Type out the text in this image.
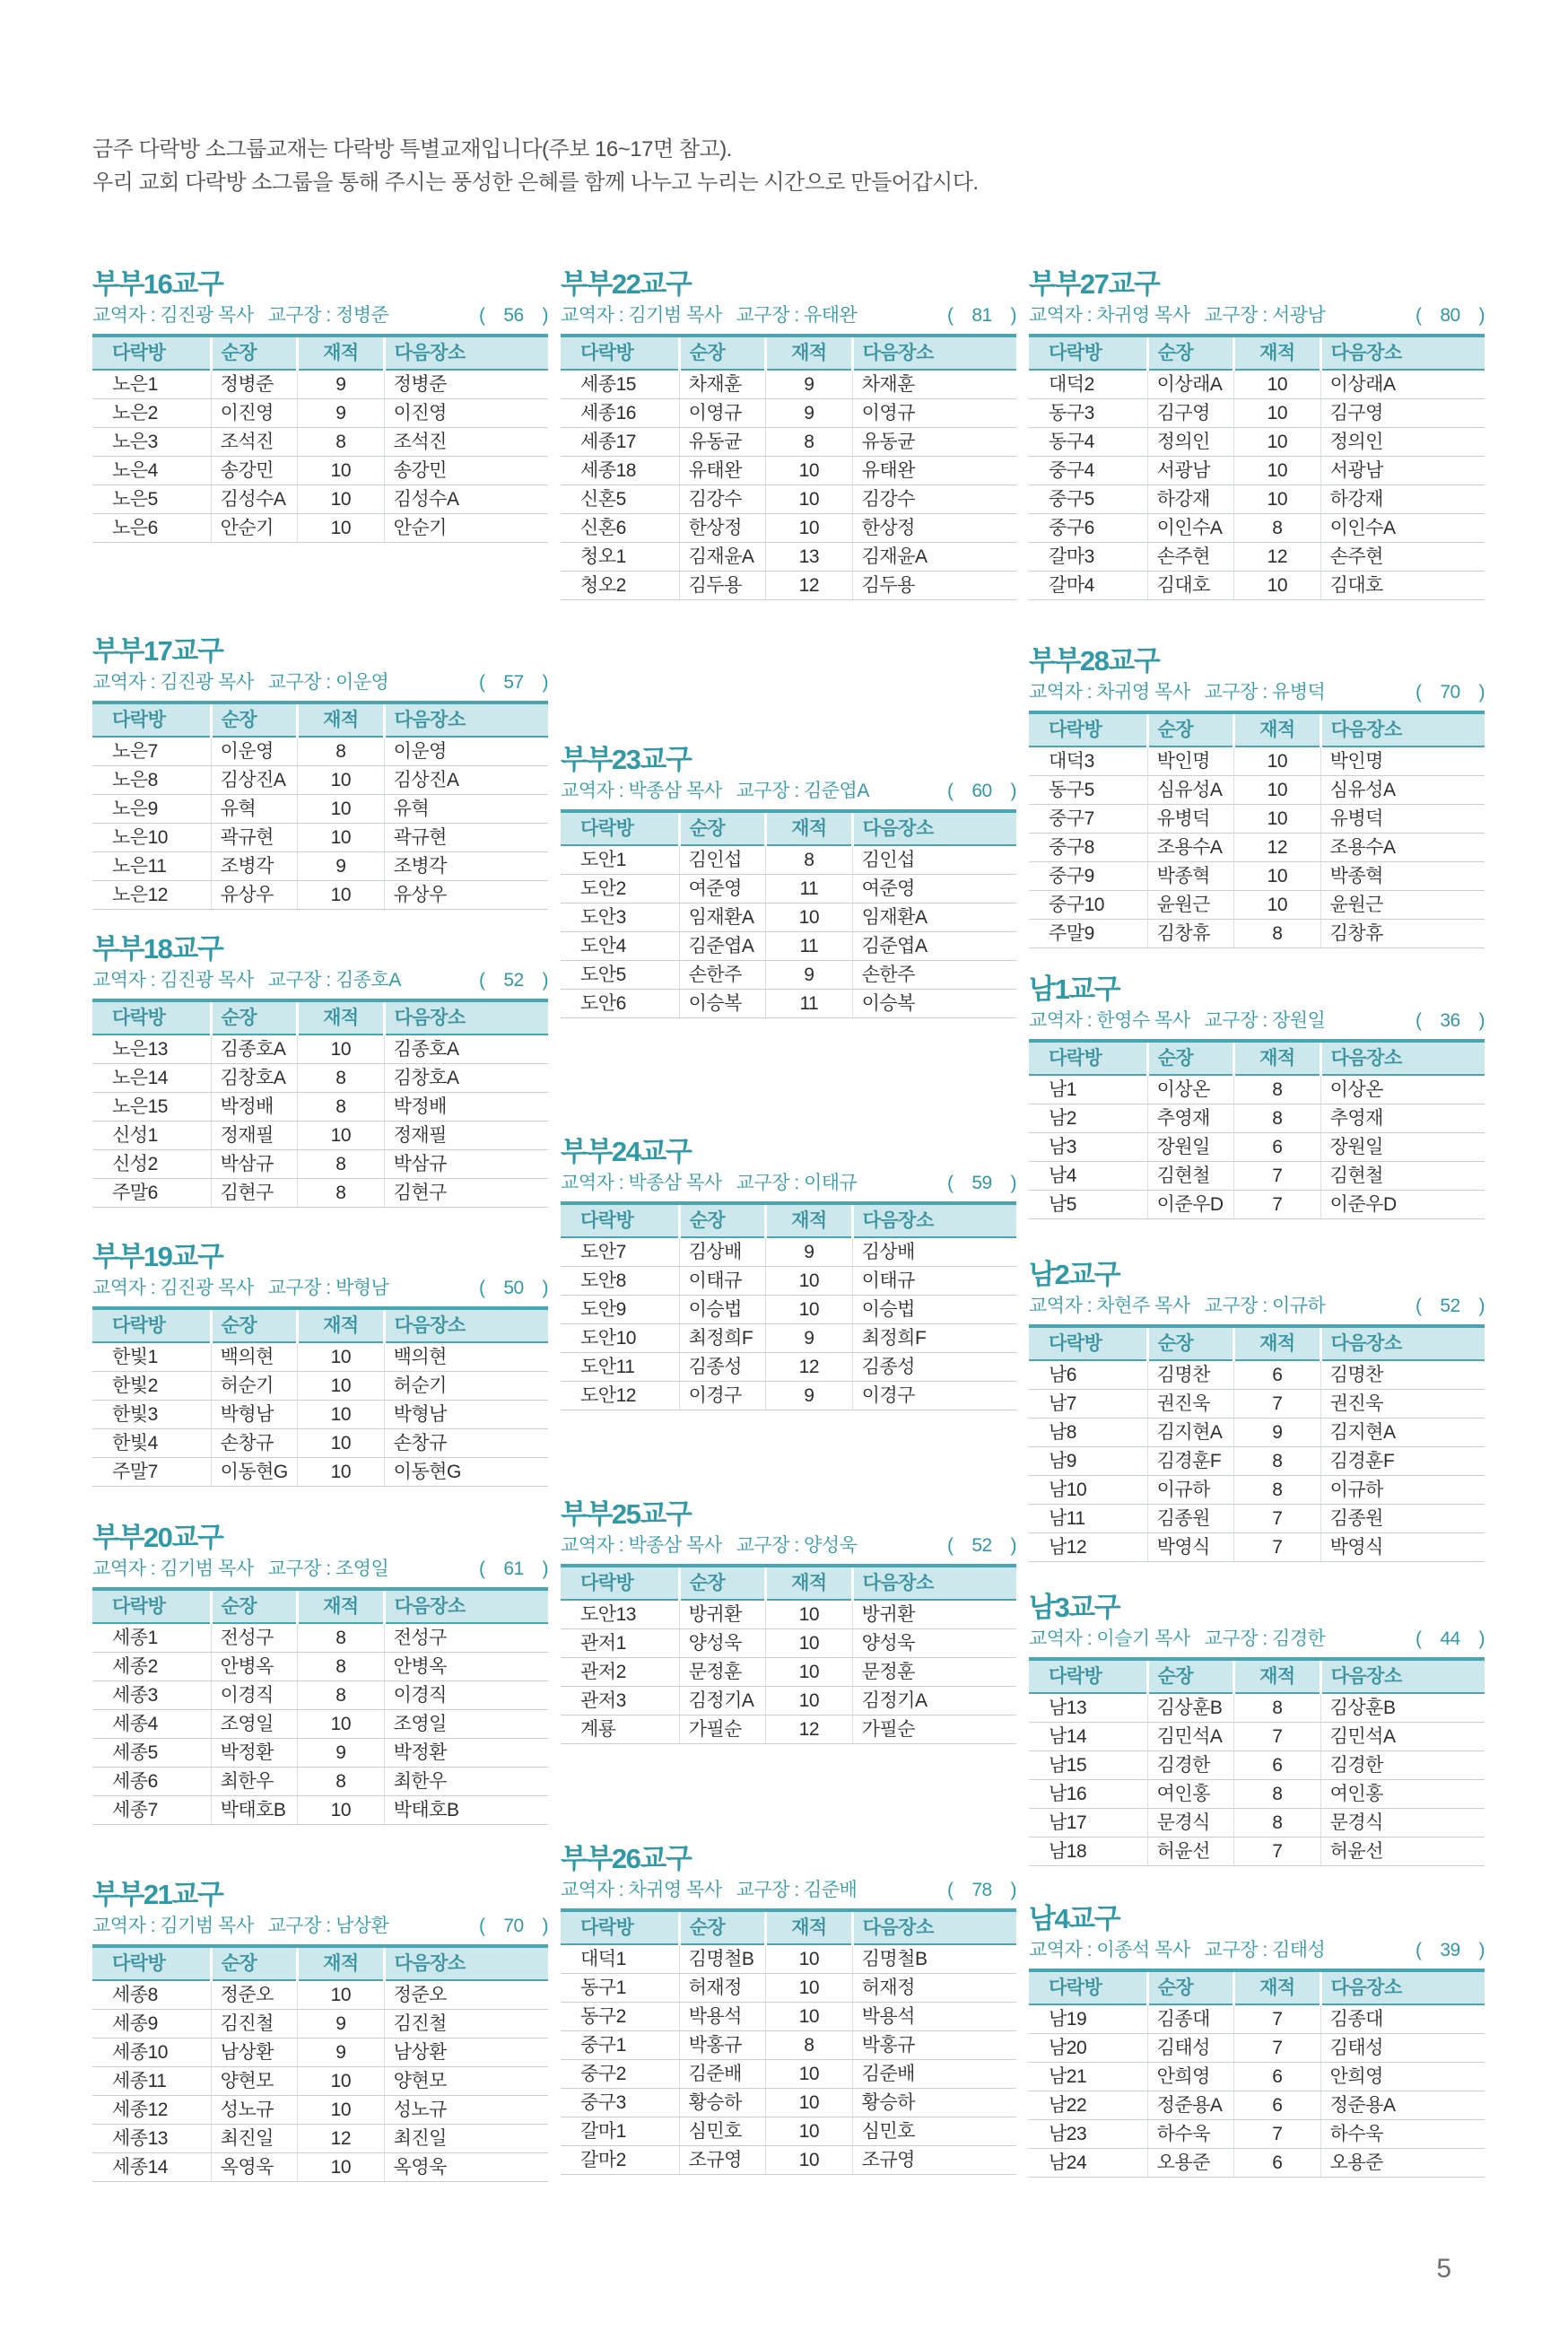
금주 다락방 소그룹교재는 다락방 특별교재입니다(주보 16~17면 참고).

우리 교회 다락방 소그룹을 통해 주시는 풍성한 은혜를 함께 나누고 누리는 시간으로 만들어갑시다.

부부16교구
교역자 : 김진광 목사   교구장 : 정병준	( 56 )
다락방	순장	재적	다음장소
노은1	정병준	9	정병준
노은2	이진영	9	이진영
노은3	조석진	8	조석진
노은4	송강민	10	송강민
노은5	김성수A	10	김성수A
노은6	안순기	10	안순기
부부17교구
교역자 : 김진광 목사   교구장 : 이운영	( 57 )
다락방	순장	재적	다음장소
노은7	이운영	8	이운영
노은8	김상진A	10	김상진A
노은9	유혁	10	유혁
노은10	곽규현	10	곽규현
노은11	조병각	9	조병각
노은12	유상우	10	유상우
부부18교구
교역자 : 김진광 목사   교구장 : 김종호A	( 52 )
다락방	순장	재적	다음장소
노은13	김종호A	10	김종호A
노은14	김창호A	8	김창호A
노은15	박정배	8	박정배
신성1	정재필	10	정재필
신성2	박삼규	8	박삼규
주말6	김현구	8	김현구
부부19교구
교역자 : 김진광 목사   교구장 : 박형남	( 50 )
다락방	순장	재적	다음장소
한빛1	백의현	10	백의현
한빛2	허순기	10	허순기
한빛3	박형남	10	박형남
한빛4	손창규	10	손창규
주말7	이동현G	10	이동현G
부부20교구
교역자 : 김기범 목사   교구장 : 조영일	( 61 )
다락방	순장	재적	다음장소
세종1	전성구	8	전성구
세종2	안병옥	8	안병옥
세종3	이경직	8	이경직
세종4	조영일	10	조영일
세종5	박정환	9	박정환
세종6	최한우	8	최한우
세종7	박태호B	10	박태호B
부부21교구
교역자 : 김기범 목사   교구장 : 남상환	( 70 )
다락방	순장	재적	다음장소
세종8	정준오	10	정준오
세종9	김진철	9	김진철
세종10	남상환	9	남상환
세종11	양현모	10	양현모
세종12	성노규	10	성노규
세종13	최진일	12	최진일
세종14	옥영욱	10	옥영욱
부부22교구
교역자 : 김기범 목사   교구장 : 유태완	( 81 )
다락방	순장	재적	다음장소
세종15	차재훈	9	차재훈
세종16	이영규	9	이영규
세종17	유동균	8	유동균
세종18	유태완	10	유태완
신혼5	김강수	10	김강수
신혼6	한상정	10	한상정
청오1	김재윤A	13	김재윤A
청오2	김두용	12	김두용
부부23교구
교역자 : 박종삼 목사   교구장 : 김준엽A	( 60 )
다락방	순장	재적	다음장소
도안1	김인섭	8	김인섭
도안2	여준영	11	여준영
도안3	임재환A	10	임재환A
도안4	김준엽A	11	김준엽A
도안5	손한주	9	손한주
도안6	이승복	11	이승복
부부24교구
교역자 : 박종삼 목사   교구장 : 이태규	( 59 )
다락방	순장	재적	다음장소
도안7	김상배	9	김상배
도안8	이태규	10	이태규
도안9	이승법	10	이승법
도안10	최정희F	9	최정희F
도안11	김종성	12	김종성
도안12	이경구	9	이경구
부부25교구
교역자 : 박종삼 목사   교구장 : 양성욱	( 52 )
다락방	순장	재적	다음장소
도안13	방귀환	10	방귀환
관저1	양성욱	10	양성욱
관저2	문정훈	10	문정훈
관저3	김정기A	10	김정기A
계룡	가필순	12	가필순
부부26교구
교역자 : 차귀영 목사   교구장 : 김준배	( 78 )
다락방	순장	재적	다음장소
대덕1	김명철B	10	김명철B
동구1	허재정	10	허재정
동구2	박용석	10	박용석
중구1	박홍규	8	박홍규
중구2	김준배	10	김준배
중구3	황승하	10	황승하
갈마1	심민호	10	심민호
갈마2	조규영	10	조규영
부부27교구
교역자 : 차귀영 목사   교구장 : 서광남	( 80 )
다락방	순장	재적	다음장소
대덕2	이상래A	10	이상래A
동구3	김구영	10	김구영
동구4	정의인	10	정의인
중구4	서광남	10	서광남
중구5	하강재	10	하강재
중구6	이인수A	8	이인수A
갈마3	손주현	12	손주현
갈마4	김대호	10	김대호
부부28교구
교역자 : 차귀영 목사   교구장 : 유병덕	( 70 )
다락방	순장	재적	다음장소
대덕3	박인명	10	박인명
동구5	심유성A	10	심유성A
중구7	유병덕	10	유병덕
중구8	조용수A	12	조용수A
중구9	박종혁	10	박종혁
중구10	윤원근	10	윤원근
주말9	김창휴	8	김창휴
남1교구
교역자 : 한영수 목사   교구장 : 장원일	( 36 )
다락방	순장	재적	다음장소
남1	이상온	8	이상온
남2	추영재	8	추영재
남3	장원일	6	장원일
남4	김현철	7	김현철
남5	이준우D	7	이준우D
남2교구
교역자 : 차현주 목사   교구장 : 이규하	( 52 )
다락방	순장	재적	다음장소
남6	김명찬	6	김명찬
남7	권진욱	7	권진욱
남8	김지현A	9	김지현A
남9	김경훈F	8	김경훈F
남10	이규하	8	이규하
남11	김종원	7	김종원
남12	박영식	7	박영식
남3교구
교역자 : 이슬기 목사   교구장 : 김경한	( 44 )
다락방	순장	재적	다음장소
남13	김상훈B	8	김상훈B
남14	김민석A	7	김민석A
남15	김경한	6	김경한
남16	여인홍	8	여인홍
남17	문경식	8	문경식
남18	허윤선	7	허윤선
남4교구
교역자 : 이종석 목사   교구장 : 김태성	( 39 )
다락방	순장	재적	다음장소
남19	김종대	7	김종대
남20	김태성	7	김태성
남21	안희영	6	안희영
남22	정준용A	6	정준용A
남23	하수욱	7	하수욱
남24	오용준	6	오용준
5
